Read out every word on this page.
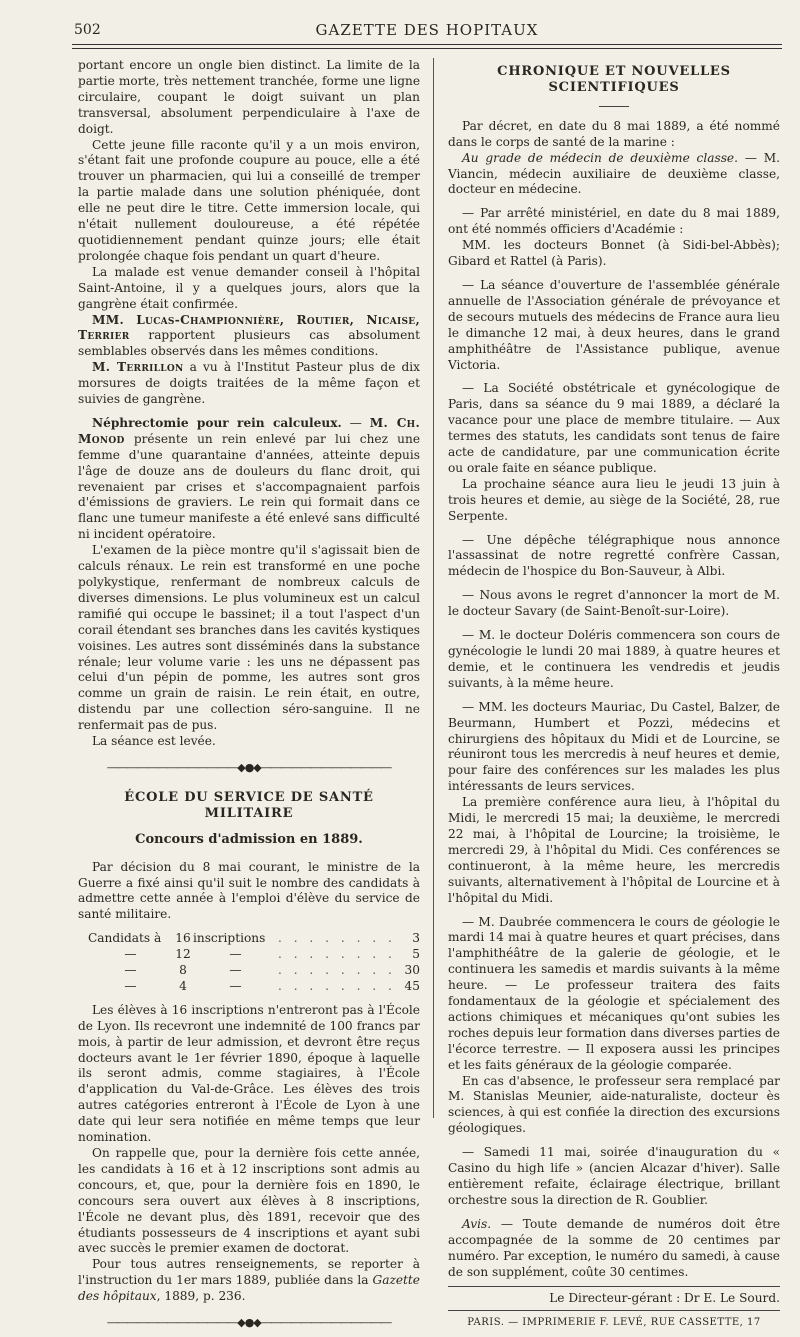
502	GAZETTE DES HOPITAUX

portant encore un ongle bien distinct. La limite de la partie morte, très nettement tranchée, forme une ligne circulaire, coupant le doigt suivant un plan transversal, absolument perpendiculaire à l'axe de doigt.

Cette jeune fille raconte qu'il y a un mois environ, s'étant fait une profonde coupure au pouce, elle a été trouver un pharmacien, qui lui a conseillé de tremper la partie malade dans une solution phéniquée, dont elle ne peut dire le titre. Cette immersion locale, qui n'était nullement douloureuse, a été répétée quotidiennement pendant quinze jours; elle était prolongée chaque fois pendant un quart d'heure.

La malade est venue demander conseil à l'hôpital Saint-Antoine, il y a quelques jours, alors que la gangrène était confirmée.

MM. Lucas-Championnière, Routier, Nicaise, Terrier rapportent plusieurs cas absolument semblables observés dans les mêmes conditions.

M. Terrillon a vu à l'Institut Pasteur plus de dix morsures de doigts traitées de la même façon et suivies de gangrène.

Néphrectomie pour rein calculeux. — M. Ch. Monod présente un rein enlevé par lui chez une femme d'une quarantaine d'années, atteinte depuis l'âge de douze ans de douleurs du flanc droit, qui revenaient par crises et s'accompagnaient parfois d'émissions de graviers. Le rein qui formait dans ce flanc une tumeur manifeste a été enlevé sans difficulté ni incident opératoire.

L'examen de la pièce montre qu'il s'agissait bien de calculs rénaux. Le rein est transformé en une poche polykystique, renfermant de nombreux calculs de diverses dimensions. Le plus volumineux est un calcul ramifié qui occupe le bassinet; il a tout l'aspect d'un corail étendant ses branches dans les cavités kystiques voisines. Les autres sont disséminés dans la substance rénale; leur volume varie : les uns ne dépassent pas celui d'un pépin de pomme, les autres sont gros comme un grain de raisin. Le rein était, en outre, distendu par une collection séro-sanguine. Il ne renfermait pas de pus.

La séance est levée.

―――――――――――――◆●◆―――――――――――――
ÉCOLE DU SERVICE DE SANTÉ MILITAIRE
Concours d'admission en 1889.

Par décision du 8 mai courant, le ministre de la Guerre a fixé ainsi qu'il suit le nombre des candidats à admettre cette année à l'emploi d'élève du service de santé militaire.

Candidats à	16 inscriptions	. . . . . . . .	3
—	12	—	. . . . . . . .	5
—	8	—	. . . . . . . . 30
—	4	—	. . . . . . . . 45

Les élèves à 16 inscriptions n'entreront pas à l'École de Lyon. Ils recevront une indemnité de 100 francs par mois, à partir de leur admission, et devront être reçus docteurs avant le 1er février 1890, époque à laquelle ils seront admis, comme stagiaires, à l'École d'application du Val-de-Grâce. Les élèves des trois autres catégories entreront à l'École de Lyon à une date qui leur sera notifiée en même temps que leur nomination.

On rappelle que, pour la dernière fois cette année, les candidats à 16 et à 12 inscriptions sont admis au concours, et, que, pour la dernière fois en 1890, le concours sera ouvert aux élèves à 8 inscriptions, l'École ne devant plus, dès 1891, recevoir que des étudiants possesseurs de 4 inscriptions et ayant subi avec succès le premier examen de doctorat.

Pour tous autres renseignements, se reporter à l'instruction du 1er mars 1889, publiée dans la Gazette des hôpitaux, 1889, p. 236.

―――――――――――――◆●◆―――――――――――――
CHRONIQUE ET NOUVELLES SCIENTIFIQUES

Par décret, en date du 8 mai 1889, a été nommé dans le corps de santé de la marine :

Au grade de médecin de deuxième classe. — M. Viancin, médecin auxiliaire de deuxième classe, docteur en médecine.

— Par arrêté ministériel, en date du 8 mai 1889, ont été nommés officiers d'Académie :

MM. les docteurs Bonnet (à Sidi-bel-Abbès); Gibard et Rattel (à Paris).

— La séance d'ouverture de l'assemblée générale annuelle de l'Association générale de prévoyance et de secours mutuels des médecins de France aura lieu le dimanche 12 mai, à deux heures, dans le grand amphithéâtre de l'Assistance publique, avenue Victoria.

— La Société obstétricale et gynécologique de Paris, dans sa séance du 9 mai 1889, a déclaré la vacance pour une place de membre titulaire. — Aux termes des statuts, les candidats sont tenus de faire acte de candidature, par une communication écrite ou orale faite en séance publique.

La prochaine séance aura lieu le jeudi 13 juin à trois heures et demie, au siège de la Société, 28, rue Serpente.

— Une dépêche télégraphique nous annonce l'assassinat de notre regretté confrère Cassan, médecin de l'hospice du Bon-Sauveur, à Albi.

— Nous avons le regret d'annoncer la mort de M. le docteur Savary (de Saint-Benoît-sur-Loire).

— M. le docteur Doléris commencera son cours de gynécologie le lundi 20 mai 1889, à quatre heures et demie, et le continuera les vendredis et jeudis suivants, à la même heure.

— MM. les docteurs Mauriac, Du Castel, Balzer, de Beurmann, Humbert et Pozzi, médecins et chirurgiens des hôpitaux du Midi et de Lourcine, se réuniront tous les mercredis à neuf heures et demie, pour faire des conférences sur les malades les plus intéressants de leurs services.

La première conférence aura lieu, à l'hôpital du Midi, le mercredi 15 mai; la deuxième, le mercredi 22 mai, à l'hôpital de Lourcine; la troisième, le mercredi 29, à l'hôpital du Midi. Ces conférences se continueront, à la même heure, les mercredis suivants, alternativement à l'hôpital de Lourcine et à l'hôpital du Midi.

— M. Daubrée commencera le cours de géologie le mardi 14 mai à quatre heures et quart précises, dans l'amphithéâtre de la galerie de géologie, et le continuera les samedis et mardis suivants à la même heure. — Le professeur traitera des faits fondamentaux de la géologie et spécialement des actions chimiques et mécaniques qu'ont subies les roches depuis leur formation dans diverses parties de l'écorce terrestre. — Il exposera aussi les principes et les faits généraux de la géologie comparée.

En cas d'absence, le professeur sera remplacé par M. Stanislas Meunier, aide-naturaliste, docteur ès sciences, à qui est confiée la direction des excursions géologiques.

— Samedi 11 mai, soirée d'inauguration du « Casino du high life » (ancien Alcazar d'hiver). Salle entièrement refaite, éclairage électrique, brillant orchestre sous la direction de R. Goublier.

Avis. — Toute demande de numéros doit être accompagnée de la somme de 20 centimes par numéro. Par exception, le numéro du samedi, à cause de son supplément, coûte 30 centimes.

Le Directeur-gérant : Dr E. Le Sourd.
PARIS. — IMPRIMERIE F. LEVÉ, RUE CASSETTE, 17
